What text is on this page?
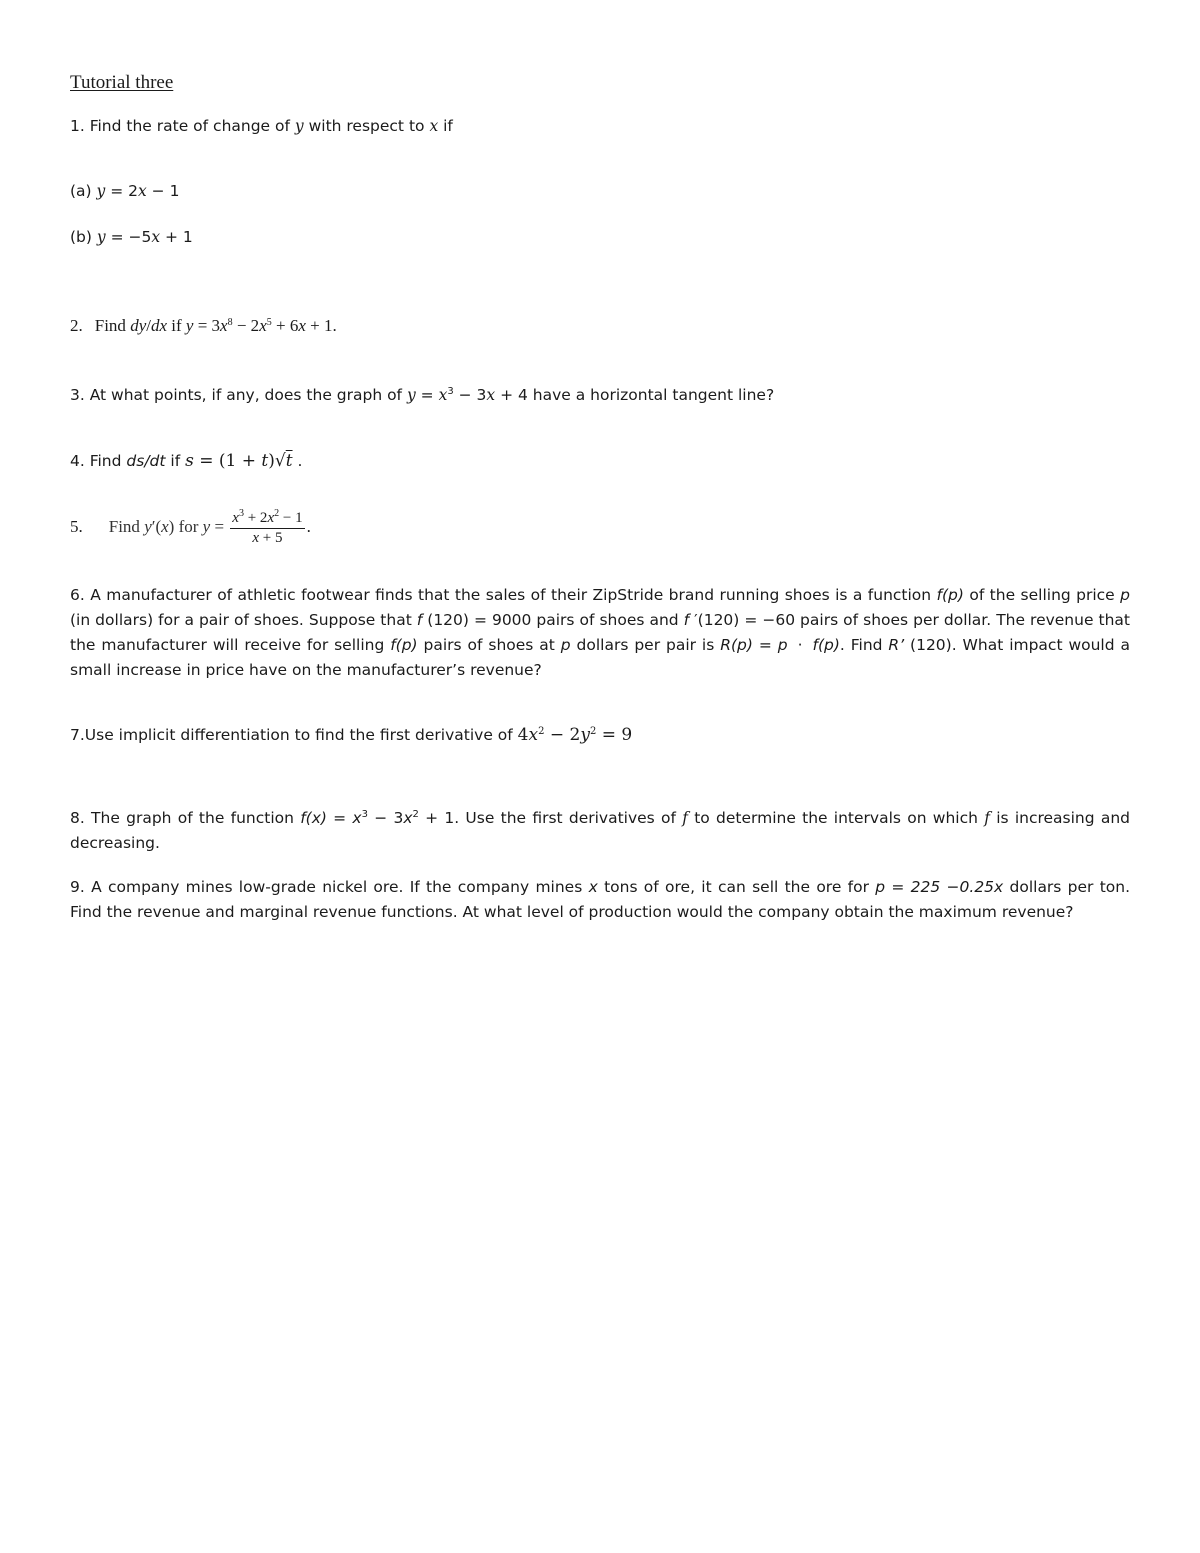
Tutorial three
1. Find the rate of change of y with respect to x if
(a) y = 2x − 1
(b) y = −5x + 1
2. Find dy/dx if $y = 3x^8 - 2x^5 + 6x + 1$.
3. At what points, if any, does the graph of $y = x^3 - 3x + 4$ have a horizontal tangent line?
4. Find ds/dt if s = (1 + t)√t .
5. Find y′(x) for $y = \frac{x^3 + 2x^2 - 1}{x + 5}$ .
6. A manufacturer of athletic footwear finds that the sales of their ZipStride brand running shoes is a function f(p) of the selling price p (in dollars) for a pair of shoes. Suppose that f (120) = 9000 pairs of shoes and f ′(120) = −60 pairs of shoes per dollar. The revenue that the manufacturer will receive for selling f(p) pairs of shoes at p dollars per pair is R(p) = p · f(p). Find R’ (120). What impact would a small increase in price have on the manufacturer’s revenue?
7.Use implicit differentiation to find the first derivative of $4x^2 - 2y^2 = 9$
8. The graph of the function $f(x) = x^3 - 3x^2 + 1$. Use the first derivatives of f to determine the intervals on which f is increasing and decreasing.
9. A company mines low-grade nickel ore. If the company mines x tons of ore, it can sell the ore for p = 225 −0.25x dollars per ton. Find the revenue and marginal revenue functions. At what level of production would the company obtain the maximum revenue?
